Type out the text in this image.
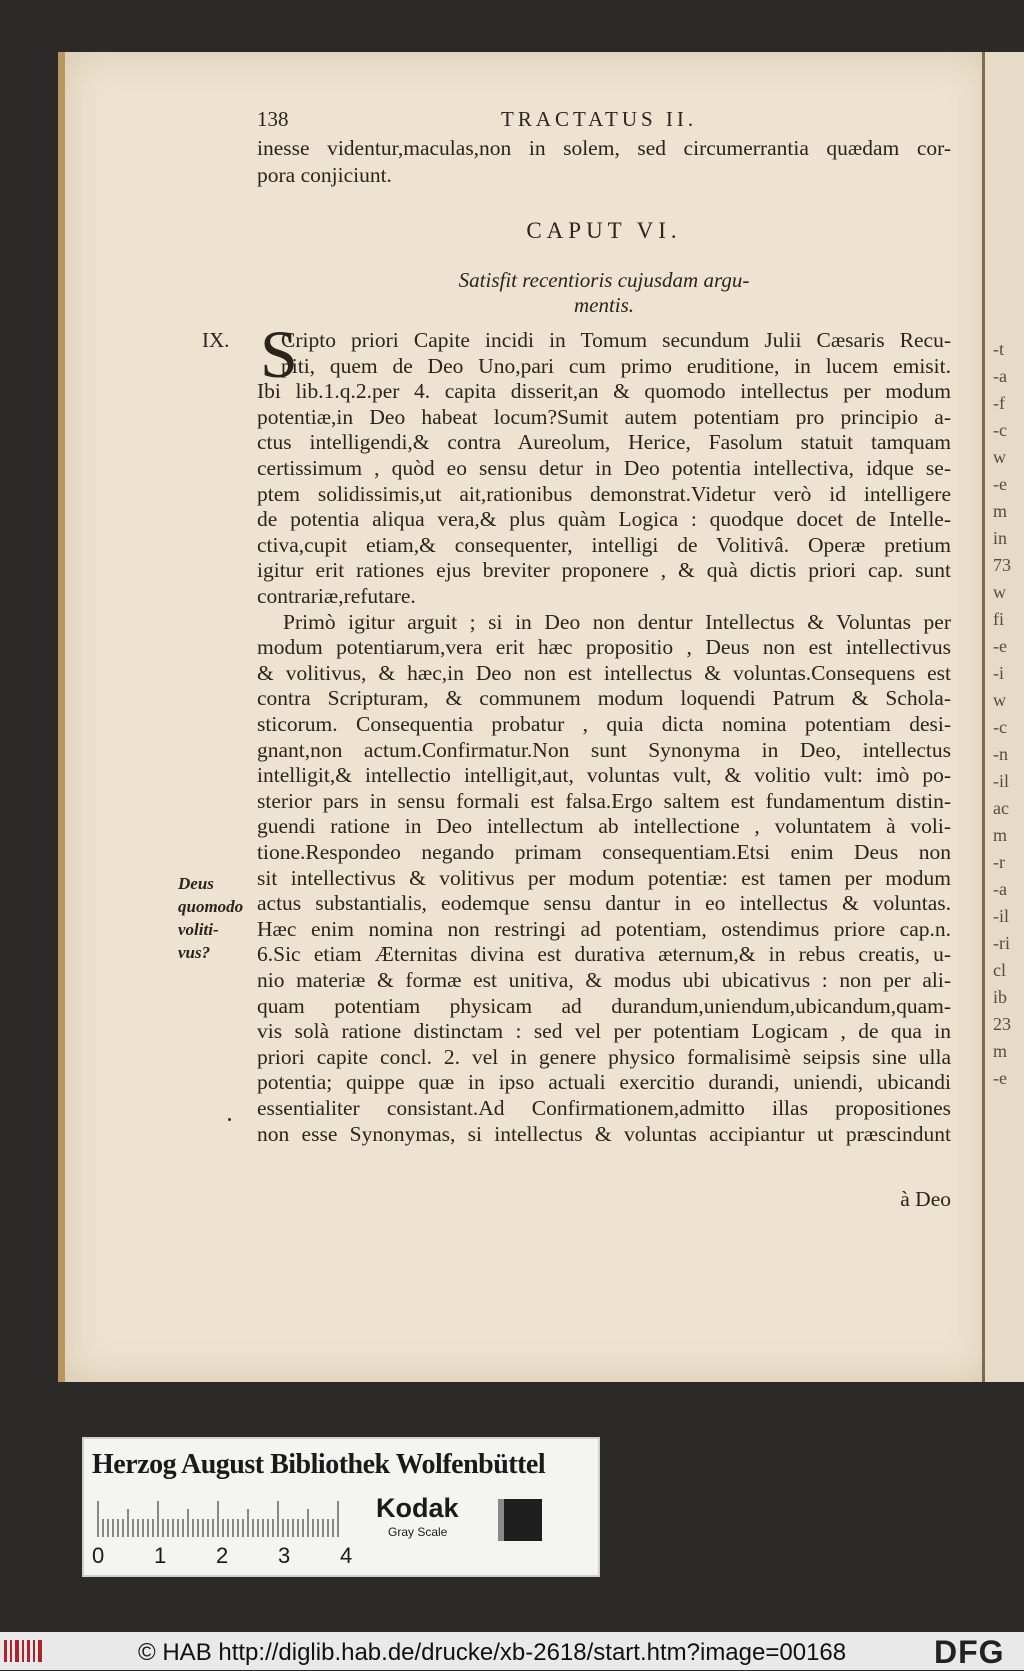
-t
-a
-f
-c
w
-e
m
in
73
w
fi
-e
-i
w
-c
-n
-il
ac
m
-r
-a
-il
-ri
cl
ib
23
m
-e
138	TRACTATUS II.
inesse videntur,maculas,non in solem, sed circumerrantia quædam cor-
pora conjiciunt.
CAPUT VI.
Satisfit recentioris cujusdam argu-
mentis.
IX.
Deus
quomodo
voliti-
vus?
S
Cripto priori Capite incidi in Tomum secundum Julii Cæsaris Recu-
piti, quem de Deo Uno,pari cum primo eruditione, in lucem emisit.
Ibi lib.1.q.2.per 4. capita disserit,an & quomodo intellectus per modum
potentiæ,in Deo habeat locum?Sumit autem potentiam pro principio a-
ctus intelligendi,& contra Aureolum, Herice, Fasolum statuit tamquam
certissimum , quòd eo sensu detur in Deo potentia intellectiva, idque se-
ptem solidissimis,ut ait,rationibus demonstrat.Videtur verò id intelligere
de potentia aliqua vera,& plus quàm Logica : quodque docet de Intelle-
ctiva,cupit etiam,& consequenter, intelligi de Volitivâ. Operæ pretium
igitur erit rationes ejus breviter proponere , & quà dictis priori cap. sunt
contrariæ,refutare.
Primò igitur arguit ; si in Deo non dentur Intellectus & Voluntas per
modum potentiarum,vera erit hæc propositio , Deus non est intellectivus
& volitivus, & hæc,in Deo non est intellectus & voluntas.Consequens est
contra Scripturam, & communem modum loquendi Patrum & Schola-
sticorum. Consequentia probatur , quia dicta nomina potentiam desi-
gnant,non actum.Confirmatur.Non sunt Synonyma in Deo, intellectus
intelligit,& intellectio intelligit,aut, voluntas vult, & volitio vult: imò po-
sterior pars in sensu formali est falsa.Ergo saltem est fundamentum distin-
guendi ratione in Deo intellectum ab intellectione , voluntatem à voli-
tione.Respondeo negando primam consequentiam.Etsi enim Deus non
sit intellectivus & volitivus per modum potentiæ: est tamen per modum
actus substantialis, eodemque sensu dantur in eo intellectus & voluntas.
Hæc enim nomina non restringi ad potentiam, ostendimus priore cap.n.
6.Sic etiam Æternitas divina est durativa æternum,& in rebus creatis, u-
nio materiæ & formæ est unitiva, & modus ubi ubicativus : non per ali-
quam potentiam physicam ad durandum,uniendum,ubicandum,quam-
vis solà ratione distinctam : sed vel per potentiam Logicam , de qua in
priori capite concl. 2. vel in genere physico formalisimè seipsis sine ulla
potentia; quippe quæ in ipso actuali exercitio durandi, uniendi, ubicandi
essentialiter consistant.Ad Confirmationem,admitto illas propositiones
non esse Synonymas, si intellectus & voluntas accipiantur ut præscindunt
à Deo
Herzog August Bibliothek Wolfenbüttel
0 1 2 3 4
Kodak
Gray Scale
© HAB http://diglib.hab.de/drucke/xb-2618/start.htm?image=00168	DFG
